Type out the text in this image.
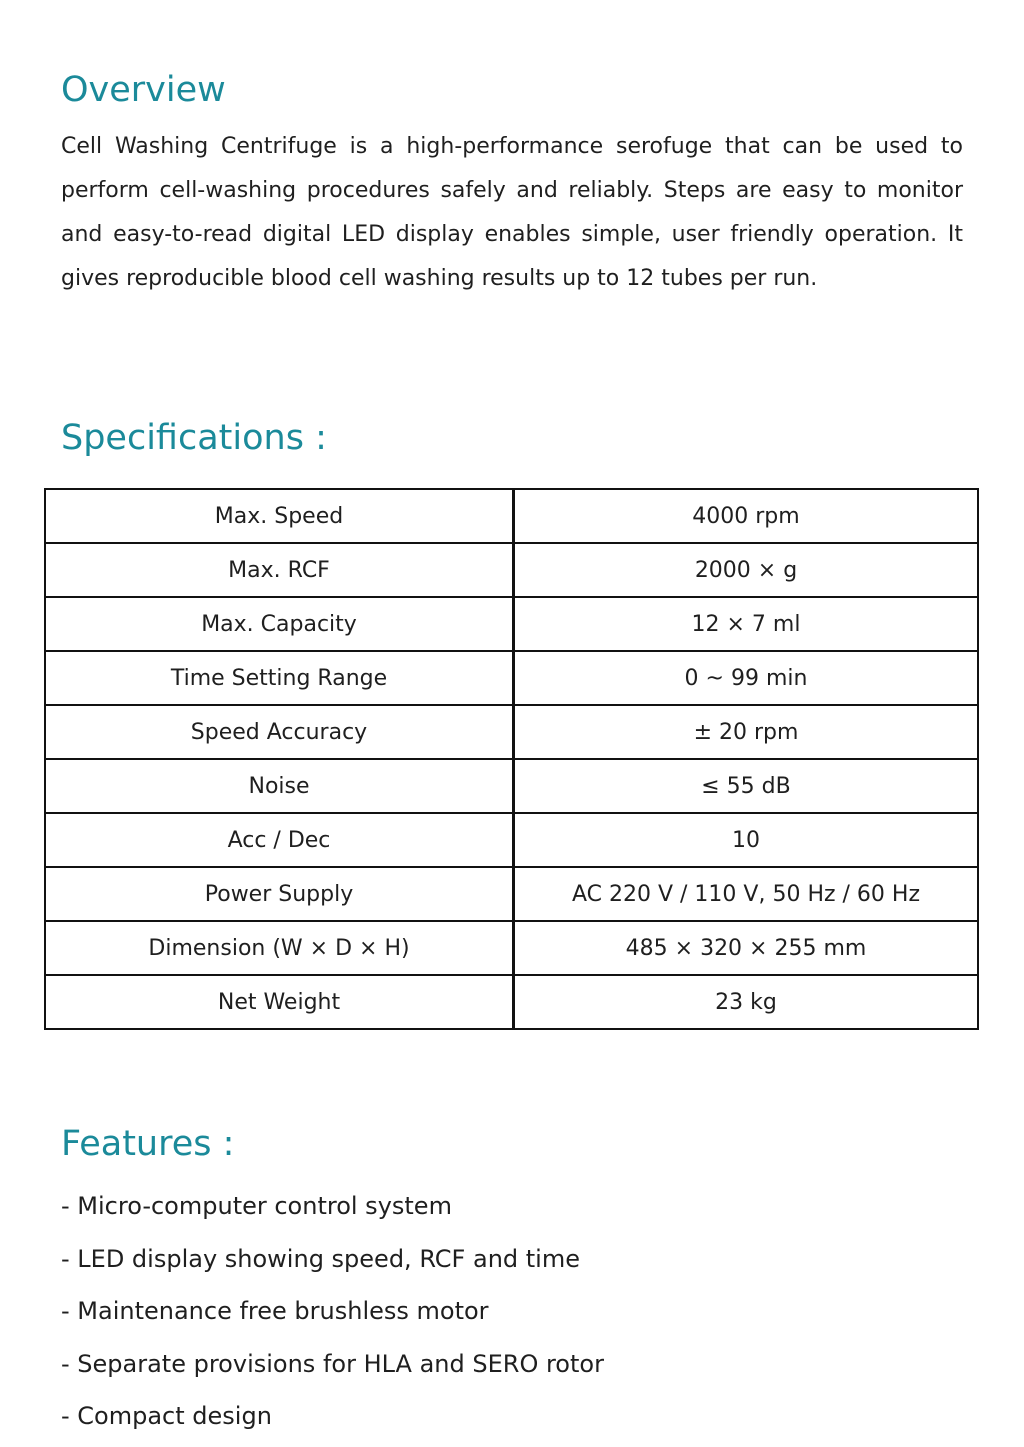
Overview

Cell Washing Centrifuge is a high-performance serofuge that can be used to perform cell-washing procedures safely and reliably. Steps are easy to monitor and easy-to-read digital LED display enables simple, user friendly operation. It gives reproducible blood cell washing results up to 12 tubes per run.

Specifications :
Max. Speed	4000 rpm
Max. RCF	2000 × g
Max. Capacity	12 × 7 ml
Time Setting Range	0 ~ 99 min
Speed Accuracy	± 20 rpm
Noise	≤ 55 dB
Acc / Dec	10
Power Supply	AC 220 V / 110 V, 50 Hz / 60 Hz
Dimension (W × D × H)	485 × 320 × 255 mm
Net Weight	23 kg
Features :
- Micro-computer control system
- LED display showing speed, RCF and time
- Maintenance free brushless motor
- Separate provisions for HLA and SERO rotor
- Compact design
